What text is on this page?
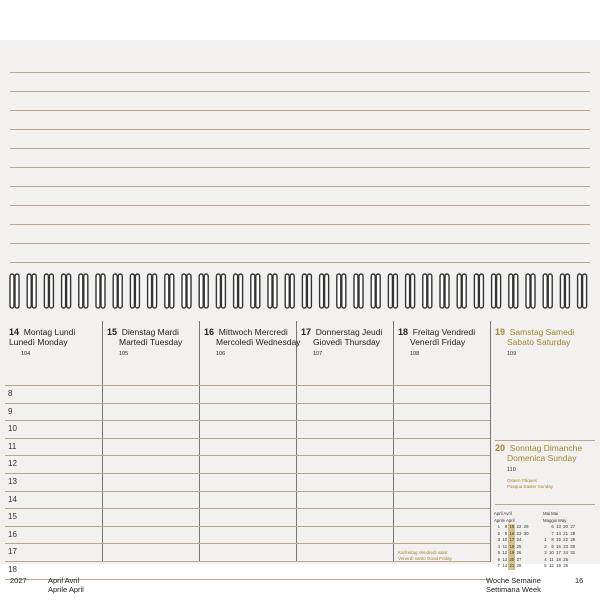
14 Montag Lundi
Lunedì Monday
104
15 Dienstag Mardi
Martedì Tuesday
105
16 Mittwoch Mercredi
Mercoledì Wednesday
106
17 Donnerstag Jeudi
Giovedì Thursday
107
18 Freitag Vendredi
Venerdì Friday
108
Karfreitag Vendredi saint
Venerdì santo Good Friday
19 Samstag Samedi
Sabato Saturday
109
20 Sonntag Dimanche
Domenica Sunday
110
Ostern Pâques
Pasqua Easter Sunday
April Avril
Aprile April
	1	8	15	22	29
	2	9	16	23	30
	3	10	17	24	
	4	11	18	25	
	5	12	19	26	
	6	13	20	27	
	7	14	21	28	
Mai Mai
Maggio May
	6	13	20	27
	7	14	21	28
1	8	15	22	29
2	9	16	23	30
3	10	17	24	31
4	11	18	25	
5	12	19	26	
8
9
10
11
12
13
14
15
16
17
18
2027	April Avril
Aprile April
Woche Semaine
Settimana Week
16
